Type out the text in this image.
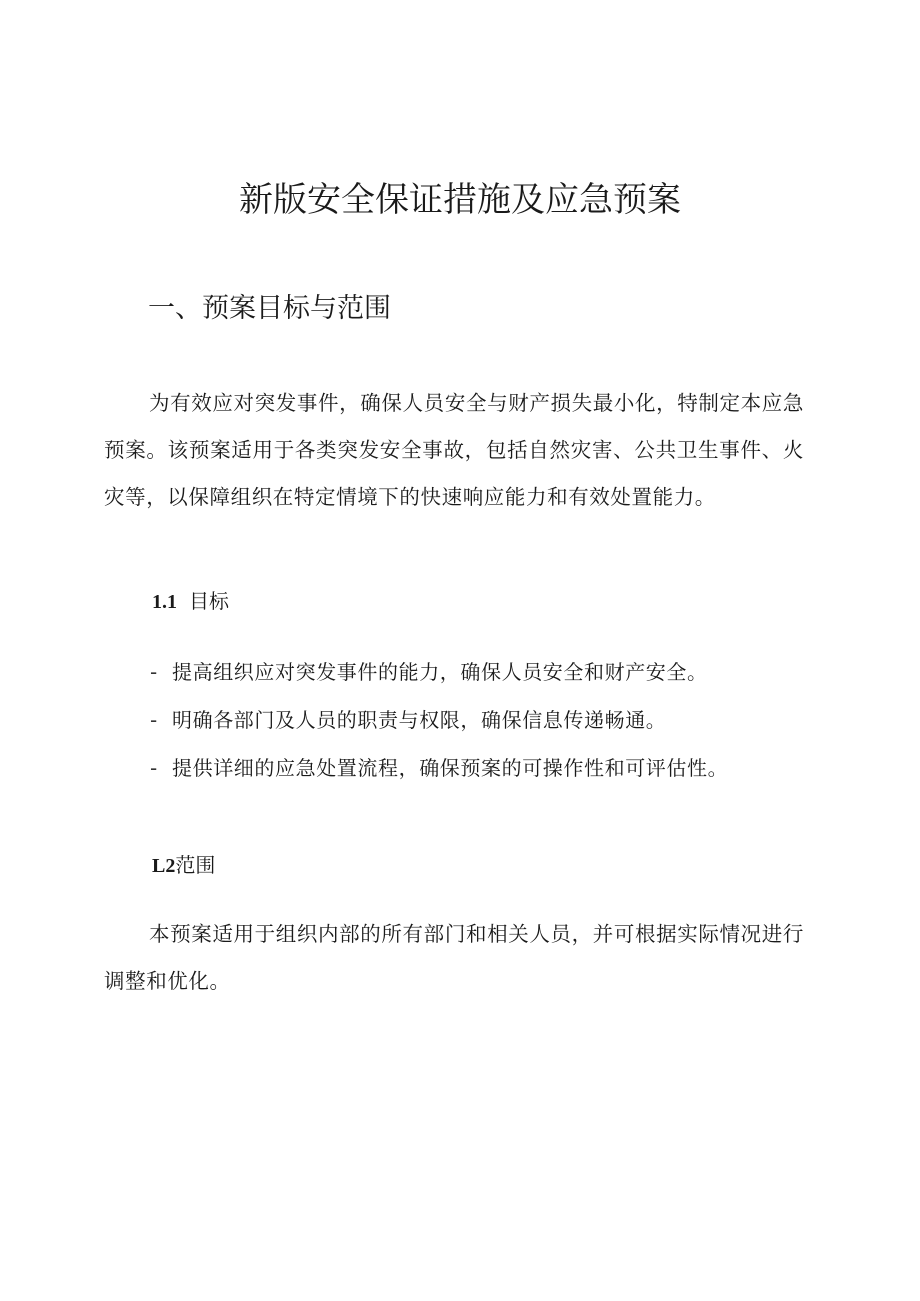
新版安全保证措施及应急预案
一、预案目标与范围

为有效应对突发事件，确保人员安全与财产损失最小化，特制定本应急预案。该预案适用于各类突发安全事故，包括自然灾害、公共卫生事件、火灾等，以保障组织在特定情境下的快速响应能力和有效处置能力。

1.1 目标
- 提高组织应对突发事件的能力，确保人员安全和财产安全。
- 明确各部门及人员的职责与权限，确保信息传递畅通。
- 提供详细的应急处置流程，确保预案的可操作性和可评估性。
L2范围

本预案适用于组织内部的所有部门和相关人员，并可根据实际情况进行调整和优化。
